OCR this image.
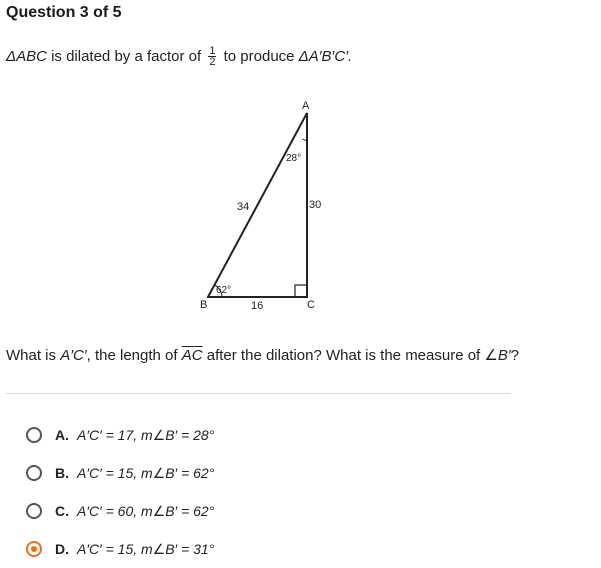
Question 3 of 5
ΔABC is dilated by a factor of $\frac{1}{2}$ to produce ΔA′B′C′.
A
B	C
34	30
16
28°
62°
What is A′C′, the length of $\overline{AC}$ after the dilation? What is the measure of ∠B′?
A. A′C′ = 17, m∠B′ = 28°
B. A′C′ = 15, m∠B′ = 62°
C. A′C′ = 60, m∠B′ = 62°
D. A′C′ = 15, m∠B′ = 31°
